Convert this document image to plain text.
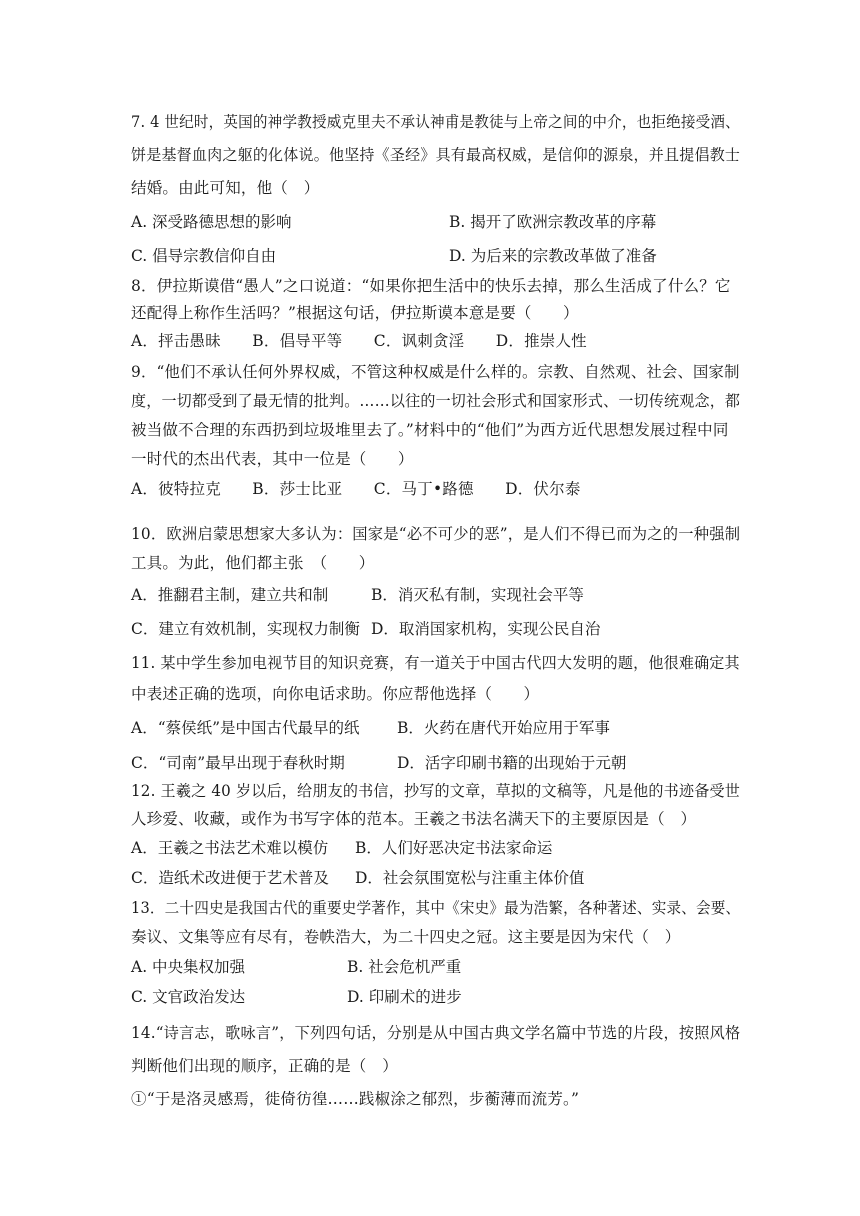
7. 4 世纪时，英国的神学教授威克里夫不承认神甫是教徒与上帝之间的中介，也拒绝接受酒、
饼是基督血肉之躯的化体说。他坚持《圣经》具有最高权威，是信仰的源泉，并且提倡教士
结婚。由此可知，他（　）
A. 深受路德思想的影响	B. 揭开了欧洲宗教改革的序幕
C. 倡导宗教信仰自由	D. 为后来的宗教改革做了准备
8．伊拉斯谟借“愚人”之口说道：“如果你把生活中的快乐去掉，那么生活成了什么？它
还配得上称作生活吗？”根据这句话，伊拉斯谟本意是要（　　）
A．抨击愚昧　　B．倡导平等　　C．讽刺贪淫　　D．推崇人性
9．“他们不承认任何外界权威，不管这种权威是什么样的。宗教、自然观、社会、国家制
度，一切都受到了最无情的批判。……以往的一切社会形式和国家形式、一切传统观念，都
被当做不合理的东西扔到垃圾堆里去了。”材料中的“他们”为西方近代思想发展过程中同
一时代的杰出代表，其中一位是（　　）
A．彼特拉克　　B．莎士比亚　　C．马丁•路德　　D．伏尔泰
10．欧洲启蒙思想家大多认为：国家是“必不可少的恶”，是人们不得已而为之的一种强制
工具。为此，他们都主张　（　　）
A．推翻君主制，建立共和制	B．消灭私有制，实现社会平等
C．建立有效机制，实现权力制衡 D．取消国家机构，实现公民自治
11. 某中学生参加电视节目的知识竞赛，有一道关于中国古代四大发明的题，他很难确定其
中表述正确的选项，向你电话求助。你应帮他选择（　　）
A．“蔡侯纸”是中国古代最早的纸 B．火药在唐代开始应用于军事
C．“司南”最早出现于春秋时期	D．活字印刷书籍的出现始于元朝
12. 王羲之 40 岁以后，给朋友的书信，抄写的文章，草拟的文稿等，凡是他的书迹备受世
人珍爱、收藏，或作为书写字体的范本。王羲之书法名满天下的主要原因是（　）
A．王羲之书法艺术难以模仿 B．人们好恶决定书法家命运
C．造纸术改进便于艺术普及 D．社会氛围宽松与注重主体价值
13．二十四史是我国古代的重要史学著作，其中《宋史》最为浩繁，各种著述、实录、会要、
奏议、文集等应有尽有，卷帙浩大，为二十四史之冠。这主要是因为宋代（　）
A. 中央集权加强	B. 社会危机严重
C. 文官政治发达	D. 印刷术的进步
14.“诗言志，歌咏言”，下列四句话，分别是从中国古典文学名篇中节选的片段，按照风格
判断他们出现的顺序，正确的是（　）
①“于是洛灵感焉，徙倚彷徨……践椒涂之郁烈，步蘅薄而流芳。”
